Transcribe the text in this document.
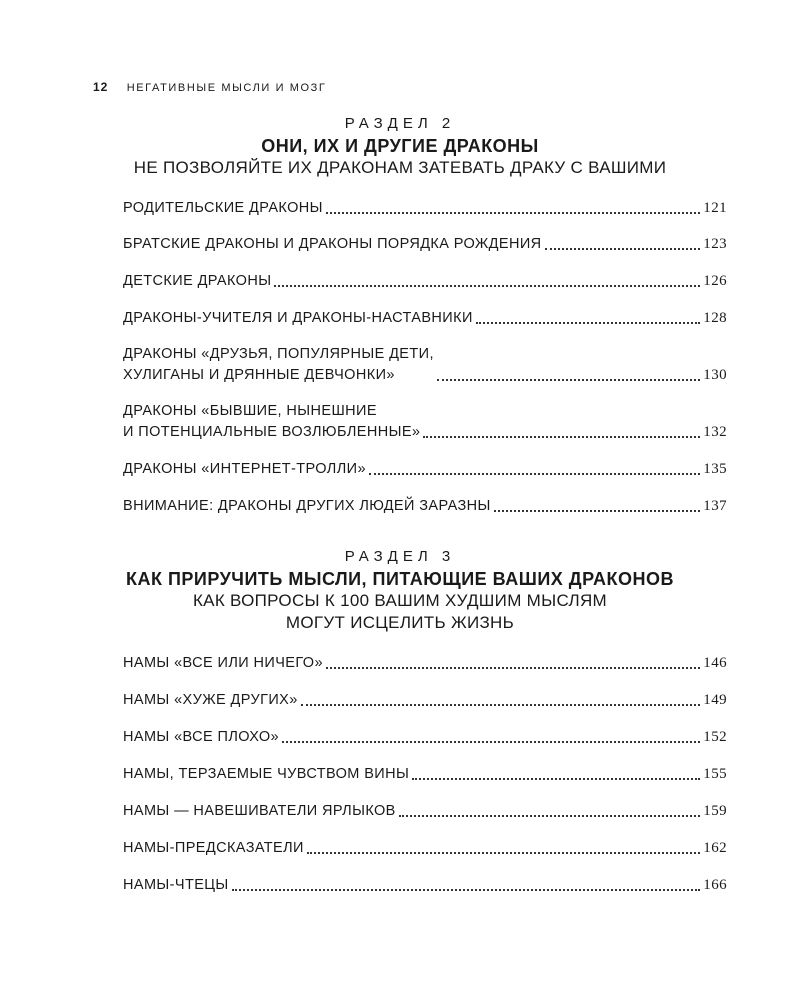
12 НЕГАТИВНЫЕ МЫСЛИ И МОЗГ
РАЗДЕЛ 2
ОНИ, ИХ И ДРУГИЕ ДРАКОНЫ
НЕ ПОЗВОЛЯЙТЕ ИХ ДРАКОНАМ ЗАТЕВАТЬ ДРАКУ С ВАШИМИ
РОДИТЕЛЬСКИЕ ДРАКОНЫ	121
БРАТСКИЕ ДРАКОНЫ И ДРАКОНЫ ПОРЯДКА РОЖДЕНИЯ	123
ДЕТСКИЕ ДРАКОНЫ	126
ДРАКОНЫ-УЧИТЕЛЯ И ДРАКОНЫ-НАСТАВНИКИ	128
ДРАКОНЫ «ДРУЗЬЯ, ПОПУЛЯРНЫЕ ДЕТИ,
ХУЛИГАНЫ И ДРЯННЫЕ ДЕВЧОНКИ»	130
ДРАКОНЫ «БЫВШИЕ, НЫНЕШНИЕ
И ПОТЕНЦИАЛЬНЫЕ ВОЗЛЮБЛЕННЫЕ»	132
ДРАКОНЫ «ИНТЕРНЕТ-ТРОЛЛИ»	135
ВНИМАНИЕ: ДРАКОНЫ ДРУГИХ ЛЮДЕЙ ЗАРАЗНЫ	137
РАЗДЕЛ 3
КАК ПРИРУЧИТЬ МЫСЛИ, ПИТАЮЩИЕ ВАШИХ ДРАКОНОВ
КАК ВОПРОСЫ К 100 ВАШИМ ХУДШИМ МЫСЛЯМ
МОГУТ ИСЦЕЛИТЬ ЖИЗНЬ
НАМЫ «ВСЕ ИЛИ НИЧЕГО»	146
НАМЫ «ХУЖЕ ДРУГИХ»	149
НАМЫ «ВСЕ ПЛОХО»	152
НАМЫ, ТЕРЗАЕМЫЕ ЧУВСТВОМ ВИНЫ	155
НАМЫ — НАВЕШИВАТЕЛИ ЯРЛЫКОВ	159
НАМЫ-ПРЕДСКАЗАТЕЛИ	162
НАМЫ-ЧТЕЦЫ	166
